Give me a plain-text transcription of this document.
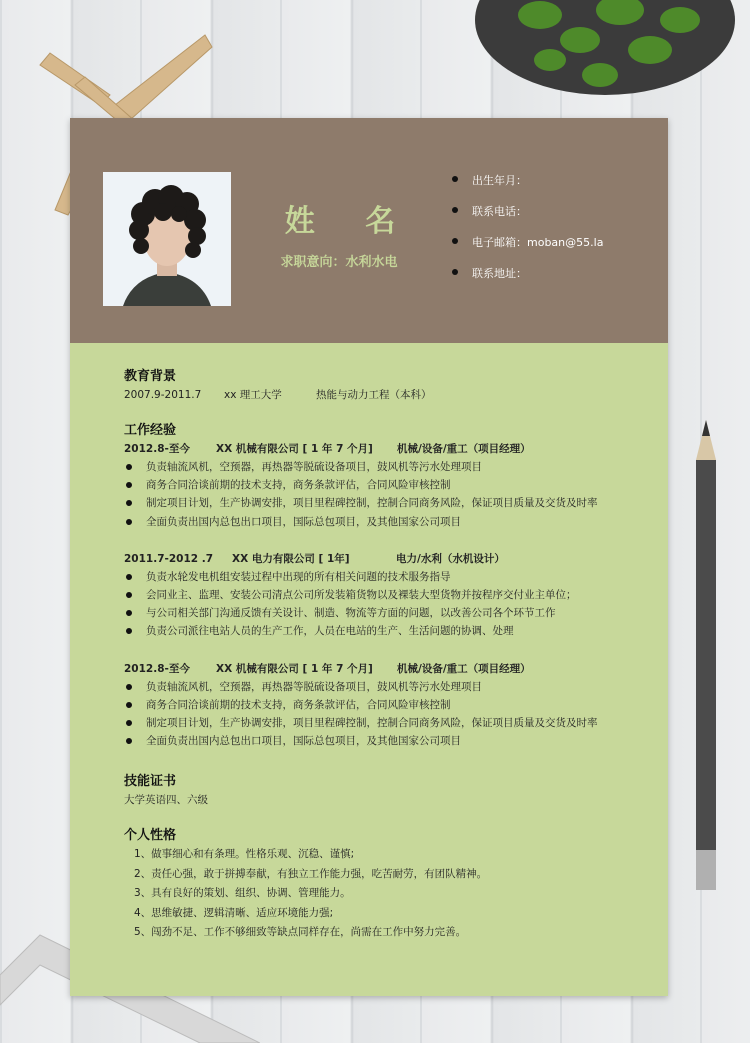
姓 名
求职意向：水利水电
出生年月：
联系电话：
电子邮箱：moban@55.la
联系地址：
教育背景
2007.9-2011.7 xx 理工大学	热能与动力工程（本科）
工作经验
2012.8-至今 XX 机械有限公司 [ 1 年 7 个月] 机械/设备/重工（项目经理）
负责轴流风机，空预器，再热器等脱硫设备项目，鼓风机等污水处理项目
商务合同洽谈前期的技术支持，商务条款评估，合同风险审核控制
制定项目计划，生产协调安排，项目里程碑控制，控制合同商务风险，保证项目质量及交货及时率
全面负责出国内总包出口项目，国际总包项目，及其他国家公司项目
2011.7-2012 .7 XX 电力有限公司 [ 1年]	电力/水利（水机设计）
负责水轮发电机组安装过程中出现的所有相关问题的技术服务指导
会同业主、监理、安装公司清点公司所发装箱货物以及裸装大型货物并按程序交付业主单位；
与公司相关部门沟通反馈有关设计、制造、物流等方面的问题，以改善公司各个环节工作
负责公司派往电站人员的生产工作，人员在电站的生产、生活问题的协调、处理
2012.8-至今 XX 机械有限公司 [ 1 年 7 个月] 机械/设备/重工（项目经理）
负责轴流风机，空预器，再热器等脱硫设备项目，鼓风机等污水处理项目
商务合同洽谈前期的技术支持，商务条款评估，合同风险审核控制
制定项目计划，生产协调安排，项目里程碑控制，控制合同商务风险，保证项目质量及交货及时率
全面负责出国内总包出口项目，国际总包项目，及其他国家公司项目
技能证书
大学英语四、六级
个人性格
1、做事细心和有条理。性格乐观、沉稳、谨慎;
2、责任心强，敢于拼搏奉献，有独立工作能力强，吃苦耐劳，有团队精神。
3、具有良好的策划、组织、协调、管理能力。
4、思维敏捷、逻辑清晰、适应环境能力强;
5、闯劲不足、工作不够细致等缺点同样存在，尚需在工作中努力完善。
